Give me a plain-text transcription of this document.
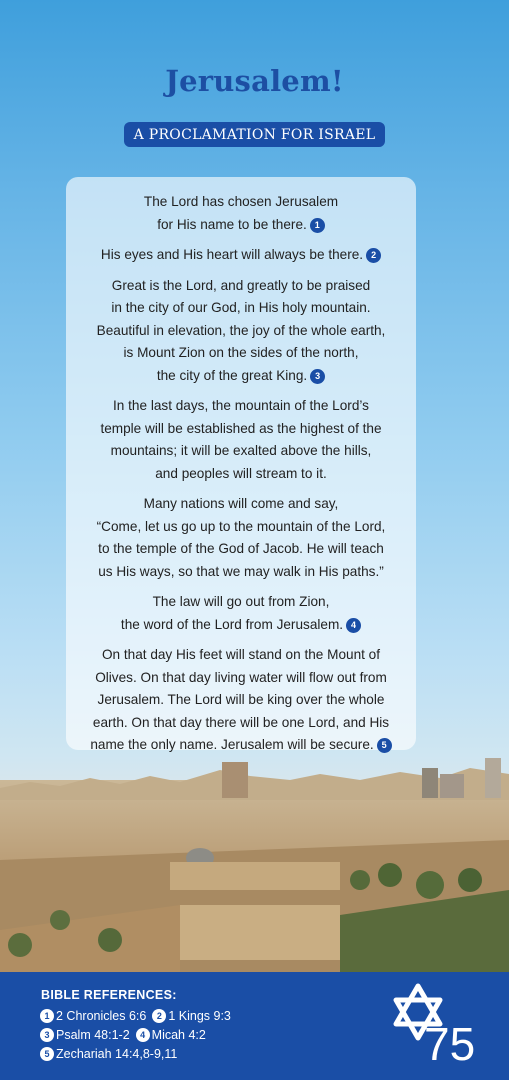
Jerusalem!
A PROCLAMATION FOR ISRAEL
The Lord has chosen Jerusalem
for His name to be there. 1
His eyes and His heart will always be there. 2
Great is the Lord, and greatly to be praised
in the city of our God, in His holy mountain.
Beautiful in elevation, the joy of the whole earth,
is Mount Zion on the sides of the north,
the city of the great King. 3
In the last days, the mountain of the Lord’s
temple will be established as the highest of the
mountains; it will be exalted above the hills,
and peoples will stream to it.
Many nations will come and say,
“Come, let us go up to the mountain of the Lord,
to the temple of the God of Jacob. He will teach
us His ways, so that we may walk in His paths.”
The law will go out from Zion,
the word of the Lord from Jerusalem. 4
On that day His feet will stand on the Mount of
Olives. On that day living water will flow out from
Jerusalem. The Lord will be king over the whole
earth. On that day there will be one Lord, and His
name the only name. Jerusalem will be secure. 5
BIBLE REFERENCES:
1 2 Chronicles 6:6 2 1 Kings 9:3
3 Psalm 48:1-2 4 Micah 4:2
5 Zechariah 14:4,8-9,11	75
